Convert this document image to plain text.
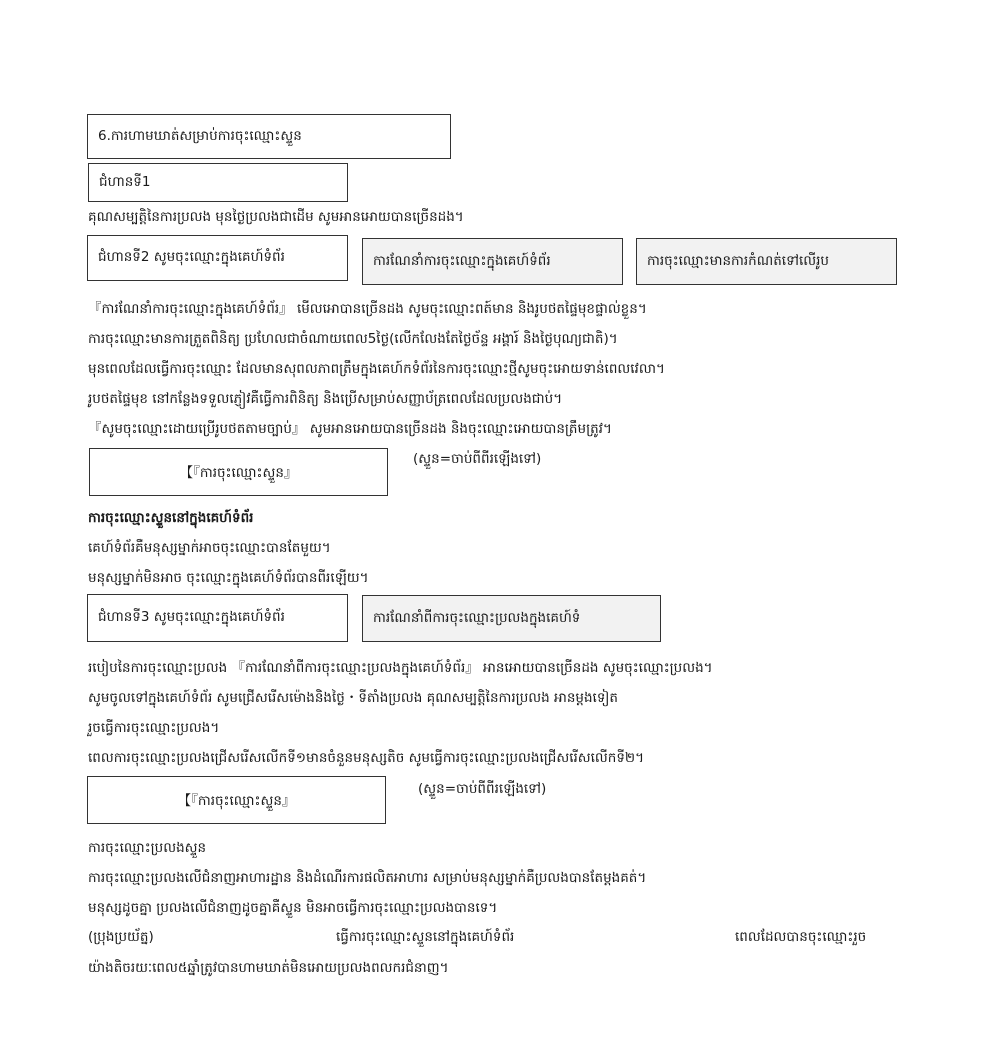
6.ការហាមឃាត់សម្រាប់ការចុះឈ្មោះស្ទួន
ជំហានទី1
គុណសម្បត្តិនៃការប្រលង មុនថ្ងៃប្រលងជាដើម សូមអានអោយបានច្រើនដង។
ជំហានទី2 សូមចុះឈ្មោះក្នុងគេហ៍ទំព័រ	ការណែនាំការចុះឈ្មោះក្នុងគេហ៍ទំព័រ	ការចុះឈ្មោះមានការកំណត់ទៅលើរូប
『ការណែនាំការចុះឈ្មោះក្នុងគេហ៍ទំព័រ』 មើលអោបានច្រើនដង សូមចុះឈ្មោះពត៍មាន និងរូបថតផ្ទៃមុខផ្ទាល់ខ្លួន។
ការចុះឈ្មោះមានការត្រួតពិនិត្យ ប្រហែលជាចំណាយពេល5ថ្ងៃ(លើកលែងតែថ្ងៃច័ន្ទ អង្គារ៍ និងថ្ងៃបុណ្យជាតិ)។
មុនពេលដែលធ្វើការចុះឈ្មោះ ដែលមានសុពលភាពត្រឹមក្នុងគេហ៍កទំព័រនៃការចុះឈ្មោះថ្មីសូមចុះអោយទាន់ពេលវេលា។
រូបថតផ្ទៃមុខ នៅកន្លែងទទួលភ្ញៀវគឺធ្វើការពិនិត្យ និងប្រើសម្រាប់សញ្ញាប័ត្រពេលដែលប្រលងជាប់។
『សូមចុះឈ្មោះដោយប្រើរូបថតតាមច្បាប់』 សូមអានអោយបានច្រើនដង និងចុះឈ្មោះអោយបានត្រឹមត្រូវ។
【『ការចុះឈ្មោះស្ទួន』
(ស្ទួន=ចាប់ពីពីរឡើងទៅ)
ការចុះឈ្មោះស្ទួននៅក្នុងគេហ៍ទំព័រ
គេហ៍ទំព័រគឺមនុស្សម្នាក់អាចចុះឈ្មោះបានតែមួយ។
មនុស្សម្នាក់មិនអាច ចុះឈ្មោះក្នុងគេហ៍ទំព័របានពីរឡើយ។
ជំហានទី3 សូមចុះឈ្មោះក្នុងគេហ៍ទំព័រ	ការណែនាំពីការចុះឈ្មោះប្រលងក្នុងគេហ៍ទំ
របៀបនៃការចុះឈ្មោះប្រលង 『ការណែនាំពីការចុះឈ្មោះប្រលងក្នុងគេហ៍ទំព័រ』 អានអោយបានច្រើនដង សូមចុះឈ្មោះប្រលង។
សូមចូលទៅក្នុងគេហ៍ទំព័រ សូមជ្រើសរើសម៉ោងនិងថ្ងៃ・ទីតាំងប្រលង គុណសម្បត្តិនៃការប្រលង អានម្តងទៀត
រួចធ្វើការចុះឈ្មោះប្រលង។
ពេលការចុះឈ្មោះប្រលងជ្រើសរើសលើកទី១មានចំនួនមនុស្សតិច សូមធ្វើការចុះឈ្មោះប្រលងជ្រើសរើសលើកទី២។
【『ការចុះឈ្មោះស្ទួន』
(ស្ទួន=ចាប់ពីពីរឡើងទៅ)
ការចុះឈ្មោះប្រលងស្ទួន
ការចុះឈ្មោះប្រលងលើជំនាញអាហារដ្ឋាន និងដំណើរការផលិតអាហារ សម្រាប់មនុស្សម្នាក់គឺប្រលងបានតែម្តងគត់។
មនុស្សដូចគ្នា ប្រលងលើជំនាញដូចគ្នាគឺស្ទួន មិនអាចធ្វើការចុះឈ្មោះប្រលងបានទេ។
(ប្រុងប្រយ័ត្ន)	ធ្វើការចុះឈ្មោះស្ទួននៅក្នុងគេហ៍ទំព័រ	ពេលដែលបានចុះឈ្មោះរួច
យ៉ាងតិចរយៈពេល៥ឆ្នាំត្រូវបានហាមឃាត់មិនអោយប្រលងពលករជំនាញ។
